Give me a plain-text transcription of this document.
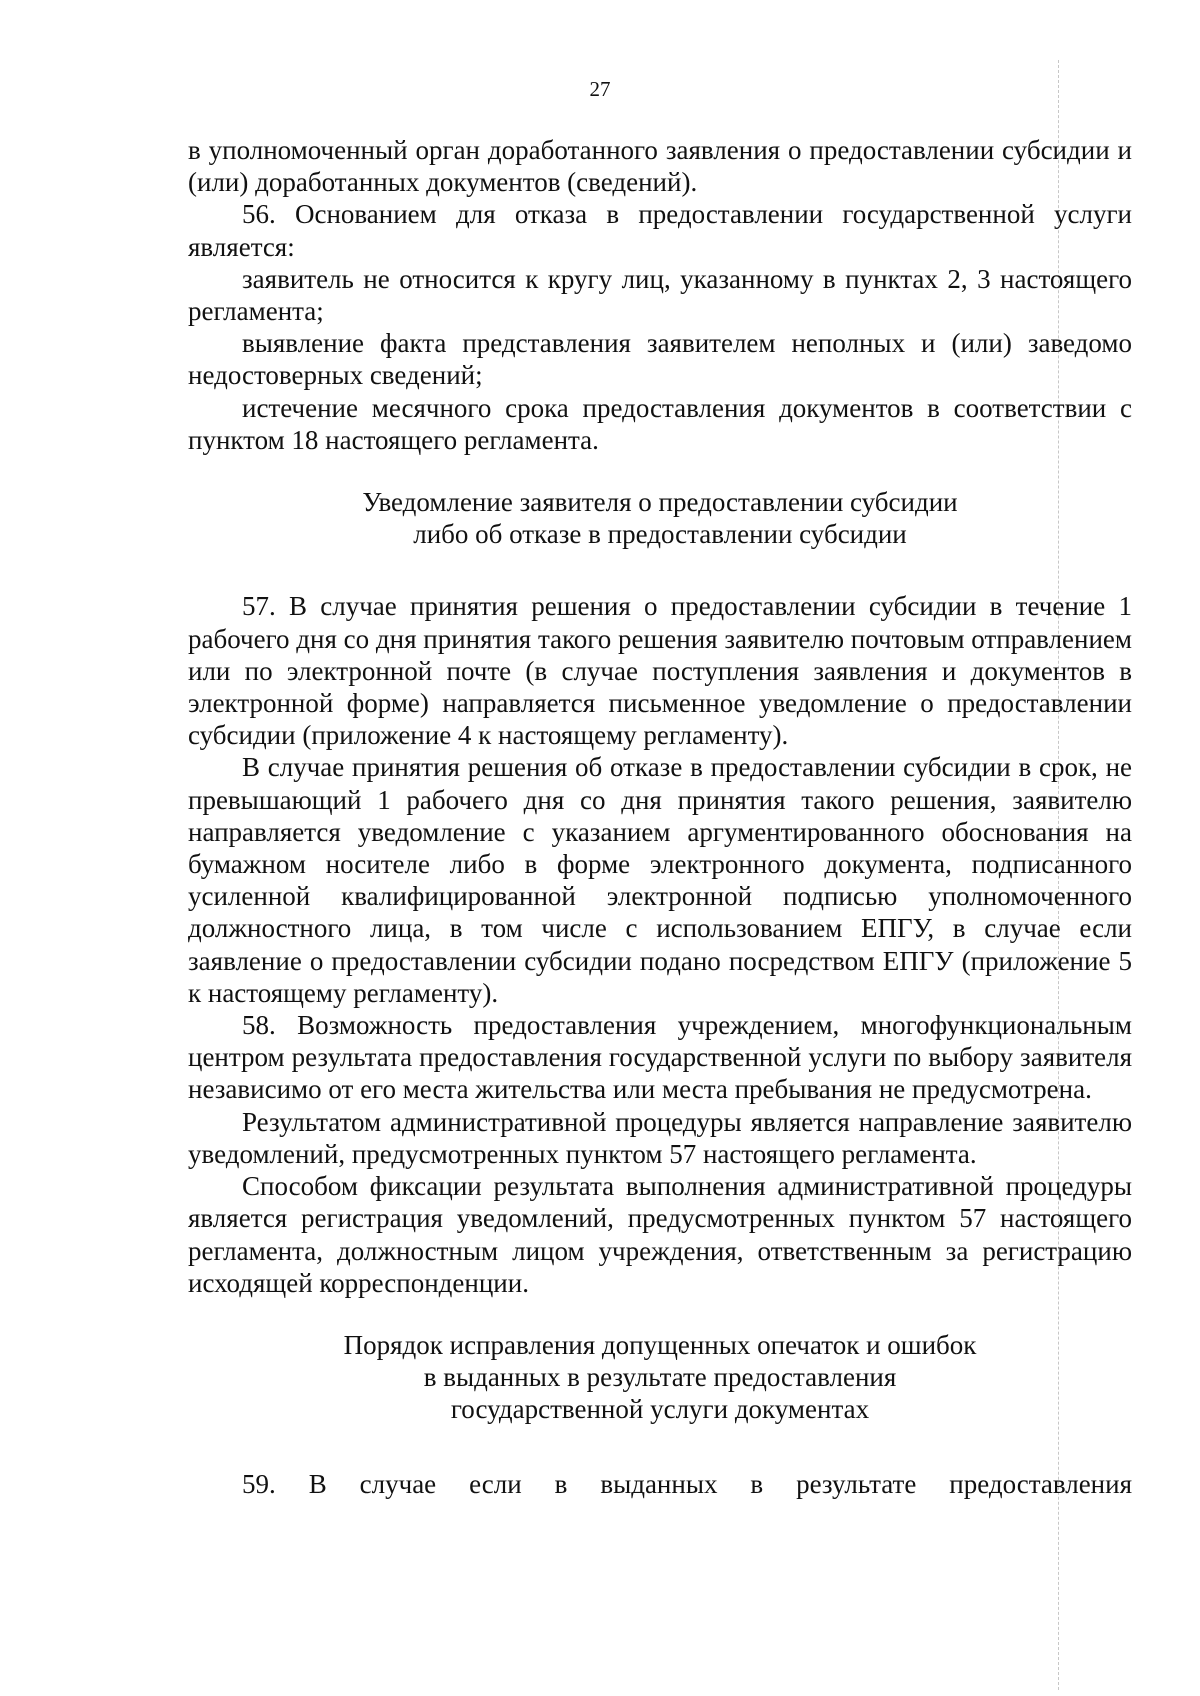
27

в уполномоченный орган доработанного заявления о предоставлении субсидии и (или) доработанных документов (сведений).

56. Основанием для отказа в предоставлении государственной услуги является:

заявитель не относится к кругу лиц, указанному в пунктах 2, 3 настоящего регламента;

выявление факта представления заявителем неполных и (или) заведомо недостоверных сведений;

истечение месячного срока предоставления документов в соответствии с пунктом 18 настоящего регламента.

Уведомление заявителя о предоставлении субсидии
либо об отказе в предоставлении субсидии

57. В случае принятия решения о предоставлении субсидии в течение 1 рабочего дня со дня принятия такого решения заявителю почтовым отправлением или по электронной почте (в случае поступления заявления и документов в электронной форме) направляется письменное уведомление о предоставлении субсидии (приложение 4 к настоящему регламенту).

В случае принятия решения об отказе в предоставлении субсидии в срок, не превышающий 1 рабочего дня со дня принятия такого решения, заявителю направляется уведомление с указанием аргументированного обоснования на бумажном носителе либо в форме электронного документа, подписанного усиленной квалифицированной электронной подписью уполномоченного должностного лица, в том числе с использованием ЕПГУ, в случае если заявление о предоставлении субсидии подано посредством ЕПГУ (приложение 5 к настоящему регламенту).

58. Возможность предоставления учреждением, многофункциональным центром результата предоставления государственной услуги по выбору заявителя независимо от его места жительства или места пребывания не предусмотрена.

Результатом административной процедуры является направление заявителю уведомлений, предусмотренных пунктом 57 настоящего регламента.

Способом фиксации результата выполнения административной процедуры является регистрация уведомлений, предусмотренных пунктом 57 настоящего регламента, должностным лицом учреждения, ответственным за регистрацию исходящей корреспонденции.

Порядок исправления допущенных опечаток и ошибок
в выданных в результате предоставления
государственной услуги документах

59. В случае если в выданных в результате предоставления
